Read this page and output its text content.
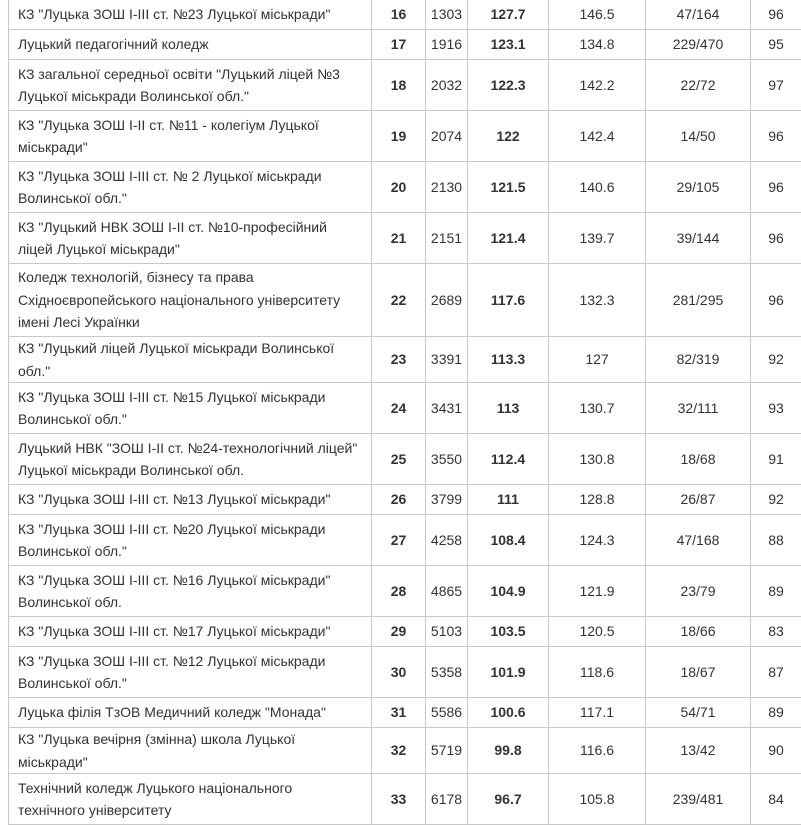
КЗ "Луцька ЗОШ І-ІІІ ст. №23 Луцької міськради"	16	1303	127.7	146.5	47/164	96
Луцький педагогічний коледж	17	1916	123.1	134.8	229/470	95
КЗ загальної середньої освіти "Луцький ліцей №3 Луцької міськради Волинської обл."	18	2032	122.3	142.2	22/72	97
КЗ "Луцька ЗОШ І-ІІ ст. №11 - колегіум Луцької міськради"	19	2074	122	142.4	14/50	96
КЗ "Луцька ЗОШ І-ІІІ ст. № 2 Луцької міськради Волинської обл."	20	2130	121.5	140.6	29/105	96
КЗ "Луцький НВК ЗОШ І-ІІ ст. №10-професійний ліцей Луцької міськради"	21	2151	121.4	139.7	39/144	96
Коледж технологій, бізнесу та права Східноєвропейського національного університету імені Лесі Українки	22	2689	117.6	132.3	281/295	96
КЗ "Луцький ліцей Луцької міськради Волинської обл."	23	3391	113.3	127	82/319	92
КЗ "Луцька ЗОШ І-ІІІ ст. №15 Луцької міськради Волинської обл."	24	3431	113	130.7	32/111	93
Луцький НВК "ЗОШ І-ІІ ст. №24-технологічний ліцей" Луцької міськради Волинської обл.	25	3550	112.4	130.8	18/68	91
КЗ "Луцька ЗОШ І-ІІІ ст. №13 Луцької міськради"	26	3799	111	128.8	26/87	92
КЗ "Луцька ЗОШ І-ІІІ ст. №20 Луцької міськради Волинської обл."	27	4258	108.4	124.3	47/168	88
КЗ "Луцька ЗОШ І-ІІІ ст. №16 Луцької міськради" Волинської обл.	28	4865	104.9	121.9	23/79	89
КЗ "Луцька ЗОШ І-ІІІ ст. №17 Луцької міськради"	29	5103	103.5	120.5	18/66	83
КЗ "Луцька ЗОШ І-ІІІ ст. №12 Луцької міськради Волинської обл."	30	5358	101.9	118.6	18/67	87
Луцька філія ТзОВ Медичний коледж "Монада"	31	5586	100.6	117.1	54/71	89
КЗ "Луцька вечірня (змінна) школа Луцької міськради"	32	5719	99.8	116.6	13/42	90
Технічний коледж Луцького національного технічного університету	33	6178	96.7	105.8	239/481	84
